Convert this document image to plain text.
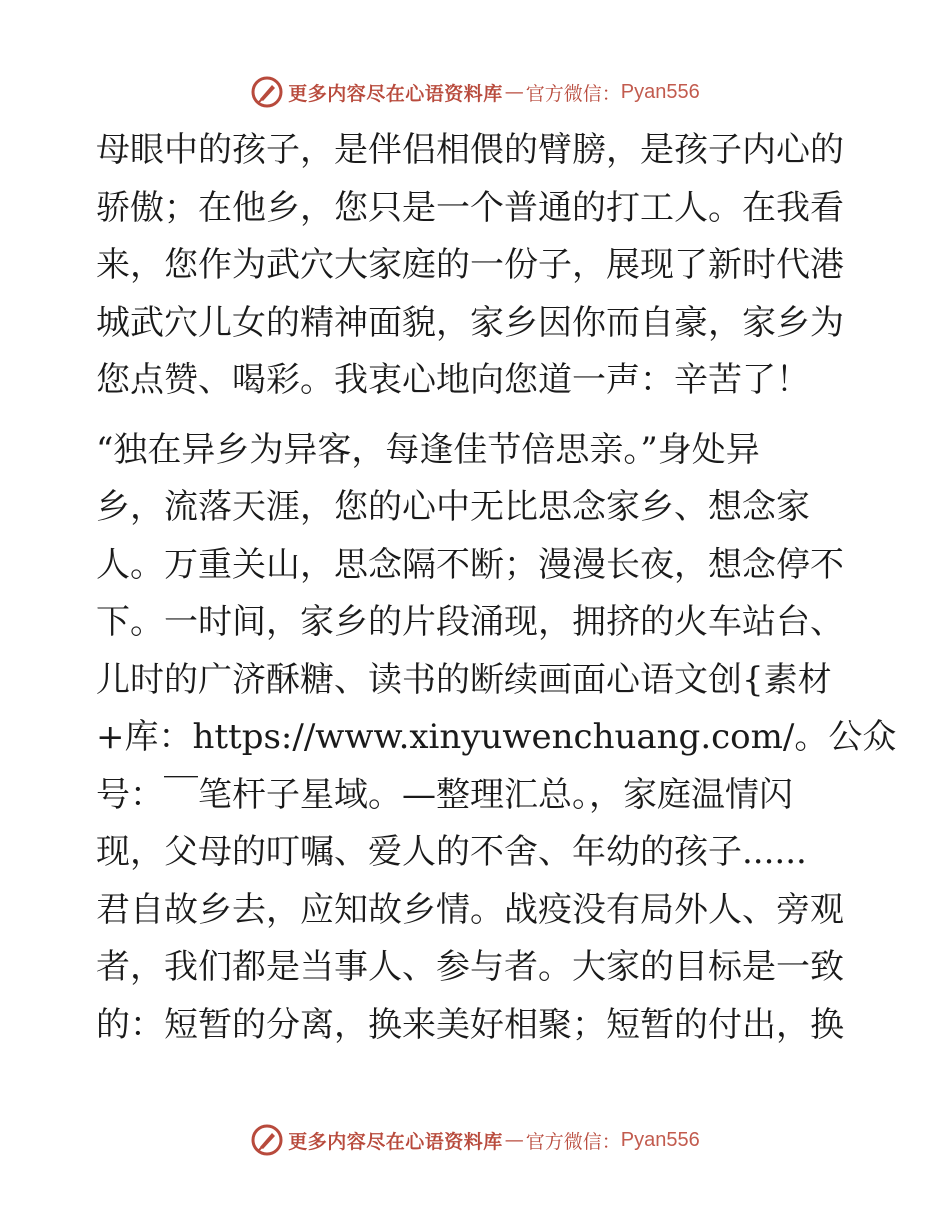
更多内容尽在心语资料库 — 官方微信： Pyan556
母眼中的孩子，是伴侣相偎的臂膀，是孩子内心的
骄傲；在他乡，您只是一个普通的打工人。在我看
来，您作为武穴大家庭的一份子，展现了新时代港
城武穴儿女的精神面貌，家乡因你而自豪，家乡为
您点赞、喝彩。我衷心地向您道一声：辛苦了！
“独在异乡为异客，每逢佳节倍思亲。”身处异
乡，流落天涯，您的心中无比思念家乡、想念家
人。万重关山，思念隔不断；漫漫长夜，想念停不
下。一时间，家乡的片段涌现，拥挤的火车站台、
儿时的广济酥糖、读书的断续画面心语文创{素材
+库：https://www.xinyuwenchuang.com/。公众
号：￣笔杆子星域。—整理汇总。，家庭温情闪
现，父母的叮嘱、爱人的不舍、年幼的孩子......
君自故乡去，应知故乡情。战疫没有局外人、旁观
者，我们都是当事人、参与者。大家的目标是一致
的：短暂的分离，换来美好相聚；短暂的付出，换
更多内容尽在心语资料库 — 官方微信： Pyan556
